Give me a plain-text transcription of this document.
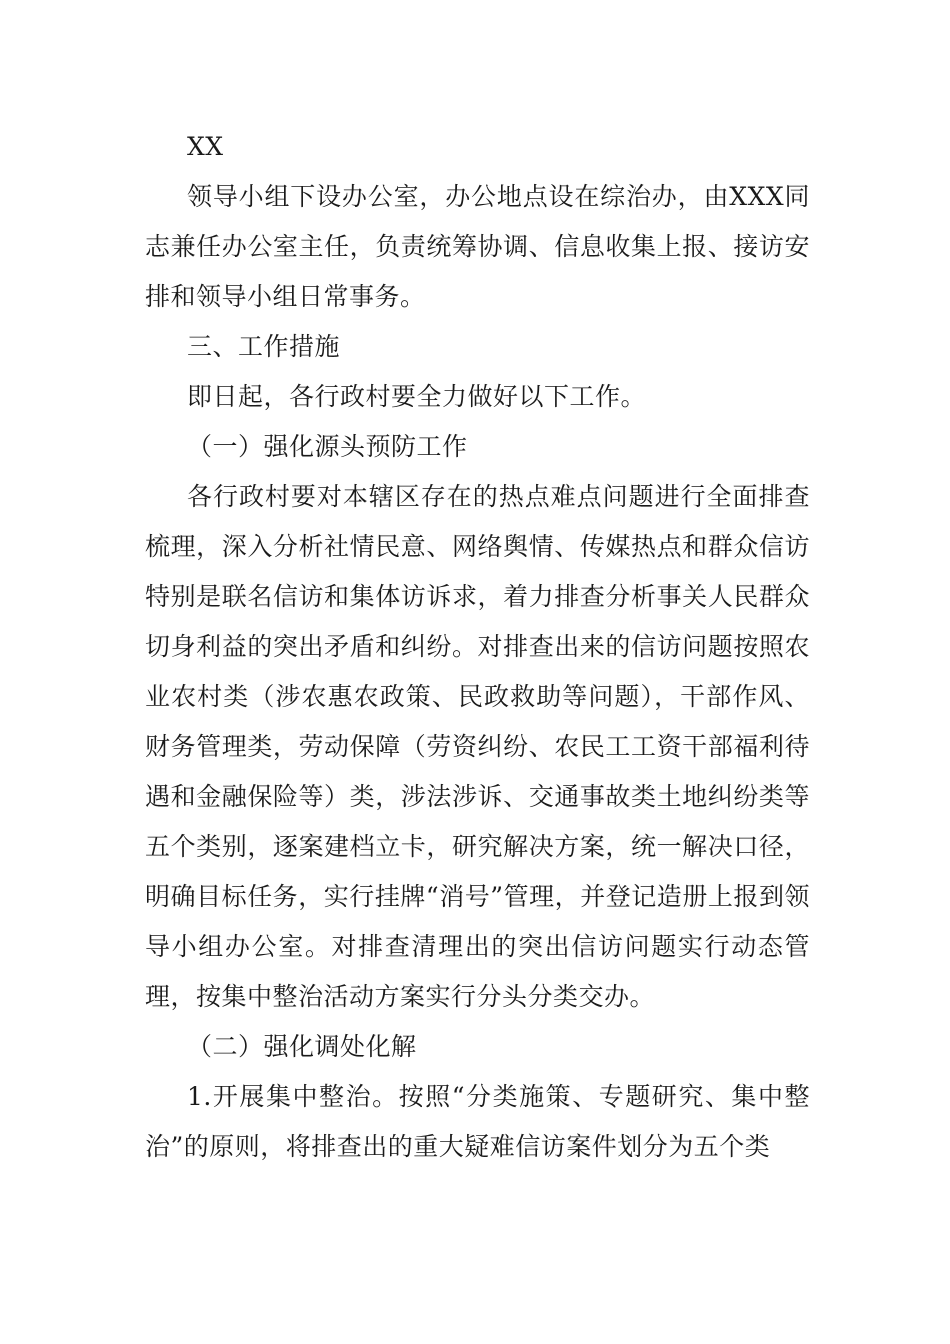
XX

领导小组下设办公室，办公地点设在综治办，由XXX同志兼任办公室主任，负责统筹协调、信息收集上报、接访安排和领导小组日常事务。

三、工作措施

即日起，各行政村要全力做好以下工作。

（一）强化源头预防工作

各行政村要对本辖区存在的热点难点问题进行全面排查梳理，深入分析社情民意、网络舆情、传媒热点和群众信访特别是联名信访和集体访诉求，着力排查分析事关人民群众切身利益的突出矛盾和纠纷。对排查出来的信访问题按照农业农村类（涉农惠农政策、民政救助等问题），干部作风、财务管理类，劳动保障（劳资纠纷、农民工工资干部福利待遇和金融保险等）类，涉法涉诉、交通事故类土地纠纷类等五个类别，逐案建档立卡，研究解决方案，统一解决口径，明确目标任务，实行挂牌“消号”管理，并登记造册上报到领导小组办公室。对排查清理出的突出信访问题实行动态管理，按集中整治活动方案实行分头分类交办。

（二）强化调处化解

1.开展集中整治。按照“分类施策、专题研究、集中整治”的原则，将排查出的重大疑难信访案件划分为五个类
